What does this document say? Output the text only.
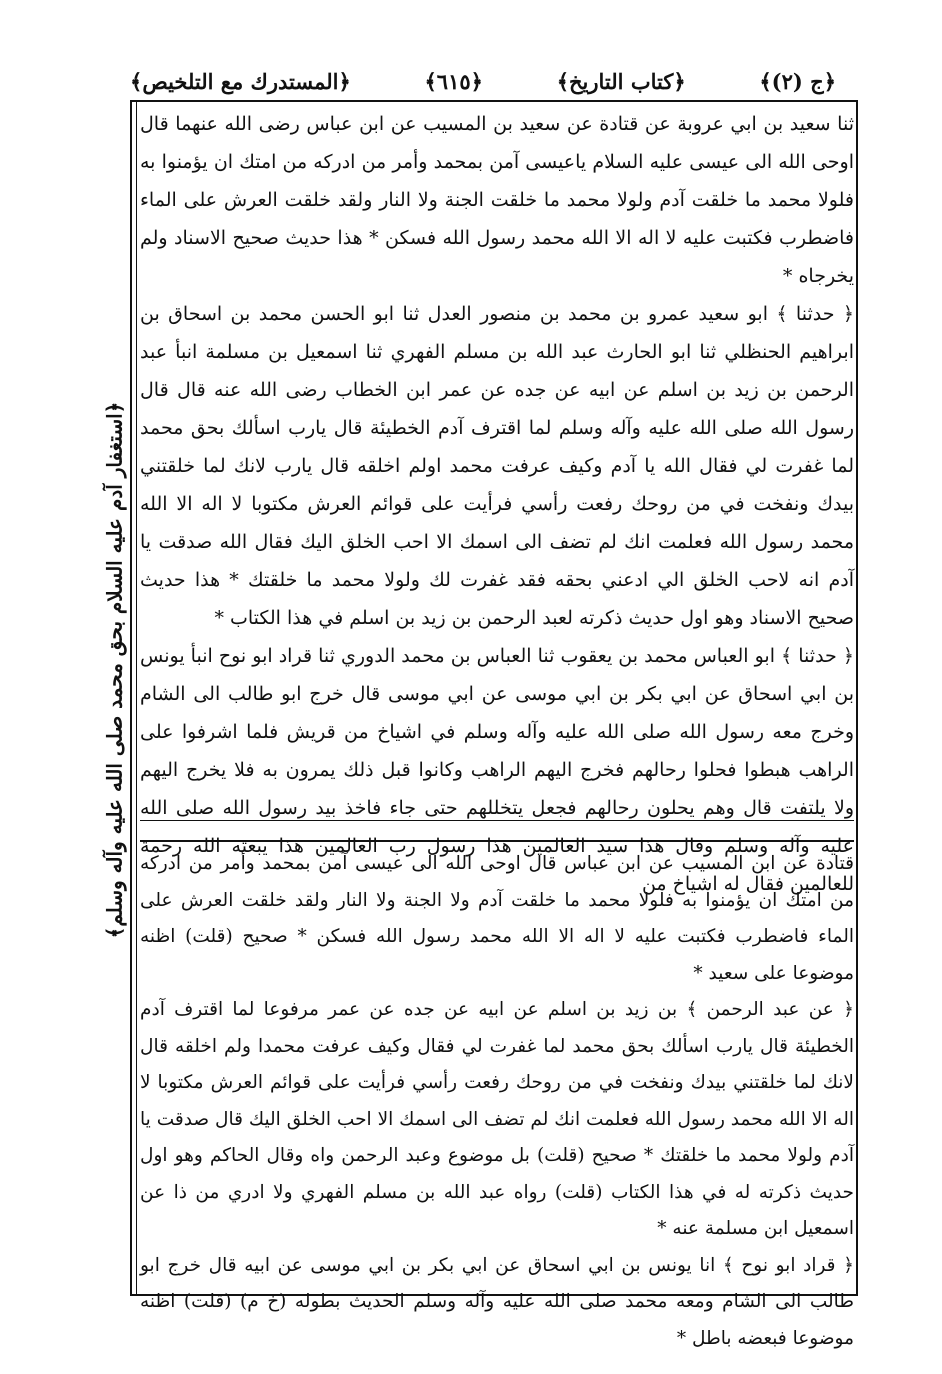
﴿المستدرك مع التلخيص﴾	﴿٦١٥﴾	﴿كتاب التاريخ﴾	﴿ج (٢)﴾

ثنا سعيد بن ابي عروبة عن قتادة عن سعيد بن المسيب عن ابن عباس رضى الله عنهما قال اوحى الله الى عيسى عليه السلام ياعيسى آمن بمحمد وأمر من ادركه من امتك ان يؤمنوا به فلولا محمد ما خلقت آدم ولولا محمد ما خلقت الجنة ولا النار ولقد خلقت العرش على الماء فاضطرب فكتبت عليه لا اله الا الله محمد رسول الله فسكن * هذا حديث صحيح الاسناد ولم يخرجاه *

﴿ حدثنا ﴾ ابو سعيد عمرو بن محمد بن منصور العدل ثنا ابو الحسن محمد بن اسحاق بن ابراهيم الحنظلي ثنا ابو الحارث عبد الله بن مسلم الفهري ثنا اسمعيل بن مسلمة انبأ عبد الرحمن بن زيد بن اسلم عن ابيه عن جده عن عمر ابن الخطاب رضى الله عنه قال قال رسول الله صلى الله عليه وآله وسلم لما اقترف آدم الخطيئة قال يارب اسألك بحق محمد لما غفرت لي فقال الله يا آدم وكيف عرفت محمد اولم اخلقه قال يارب لانك لما خلقتني بيدك ونفخت في من روحك رفعت رأسي فرأيت على قوائم العرش مكتوبا لا اله الا الله محمد رسول الله فعلمت انك لم تضف الى اسمك الا احب الخلق اليك فقال الله صدقت يا آدم انه لاحب الخلق الي ادعني بحقه فقد غفرت لك ولولا محمد ما خلقتك * هذا حديث صحيح الاسناد وهو اول حديث ذكرته لعبد الرحمن بن زيد بن اسلم في هذا الكتاب *

﴿ حدثنا ﴾ ابو العباس محمد بن يعقوب ثنا العباس بن محمد الدوري ثنا قراد ابو نوح انبأ يونس بن ابي اسحاق عن ابي بكر بن ابي موسى عن ابي موسى قال خرج ابو طالب الى الشام وخرج معه رسول الله صلى الله عليه وآله وسلم في اشياخ من قريش فلما اشرفوا على الراهب هبطوا فحلوا رحالهم فخرج اليهم الراهب وكانوا قبل ذلك يمرون به فلا يخرج اليهم ولا يلتفت قال وهم يحلون رحالهم فجعل يتخللهم حتى جاء فاخذ بيد رسول الله صلى الله عليه وآله وسلم وقال هذا سيد العالمين هذا رسول رب العالمين هذا يبعثه الله رحمة للعالمين فقال له اشياخ من

قتادة عن ابن المسيب عن ابن عباس قال اوحى الله الى عيسى آمن بمحمد وأمر من ادركه من امتك ان يؤمنوا به فلولا محمد ما خلقت آدم ولا الجنة ولا النار ولقد خلقت العرش على الماء فاضطرب فكتبت عليه لا اله الا الله محمد رسول الله فسكن * صحيح (قلت) اظنه موضوعا على سعيد *

﴿ عن عبد الرحمن ﴾ بن زيد بن اسلم عن ابيه عن جده عن عمر مرفوعا لما اقترف آدم الخطيئة قال يارب اسألك بحق محمد لما غفرت لي فقال وكيف عرفت محمدا ولم اخلقه قال لانك لما خلقتني بيدك ونفخت في من روحك رفعت رأسي فرأيت على قوائم العرش مكتوبا لا اله الا الله محمد رسول الله فعلمت انك لم تضف الى اسمك الا احب الخلق اليك قال صدقت يا آدم ولولا محمد ما خلقتك * صحيح (قلت) بل موضوع وعبد الرحمن واه وقال الحاكم وهو اول حديث ذكرته له في هذا الكتاب (قلت) رواه عبد الله بن مسلم الفهري ولا ادري من ذا عن اسمعيل ابن مسلمة عنه *

﴿ قراد ابو نوح ﴾ انا يونس بن ابي اسحاق عن ابي بكر بن ابي موسى عن ابيه قال خرج ابو طالب الى الشام ومعه محمد صلى الله عليه وآله وسلم الحديث بطوله (خ م) (قلت) اظنه موضوعا فبعضه باطل *

﴿استغفار آدم عليه السلام بحق محمد صلى الله عليه وآله وسلم﴾
